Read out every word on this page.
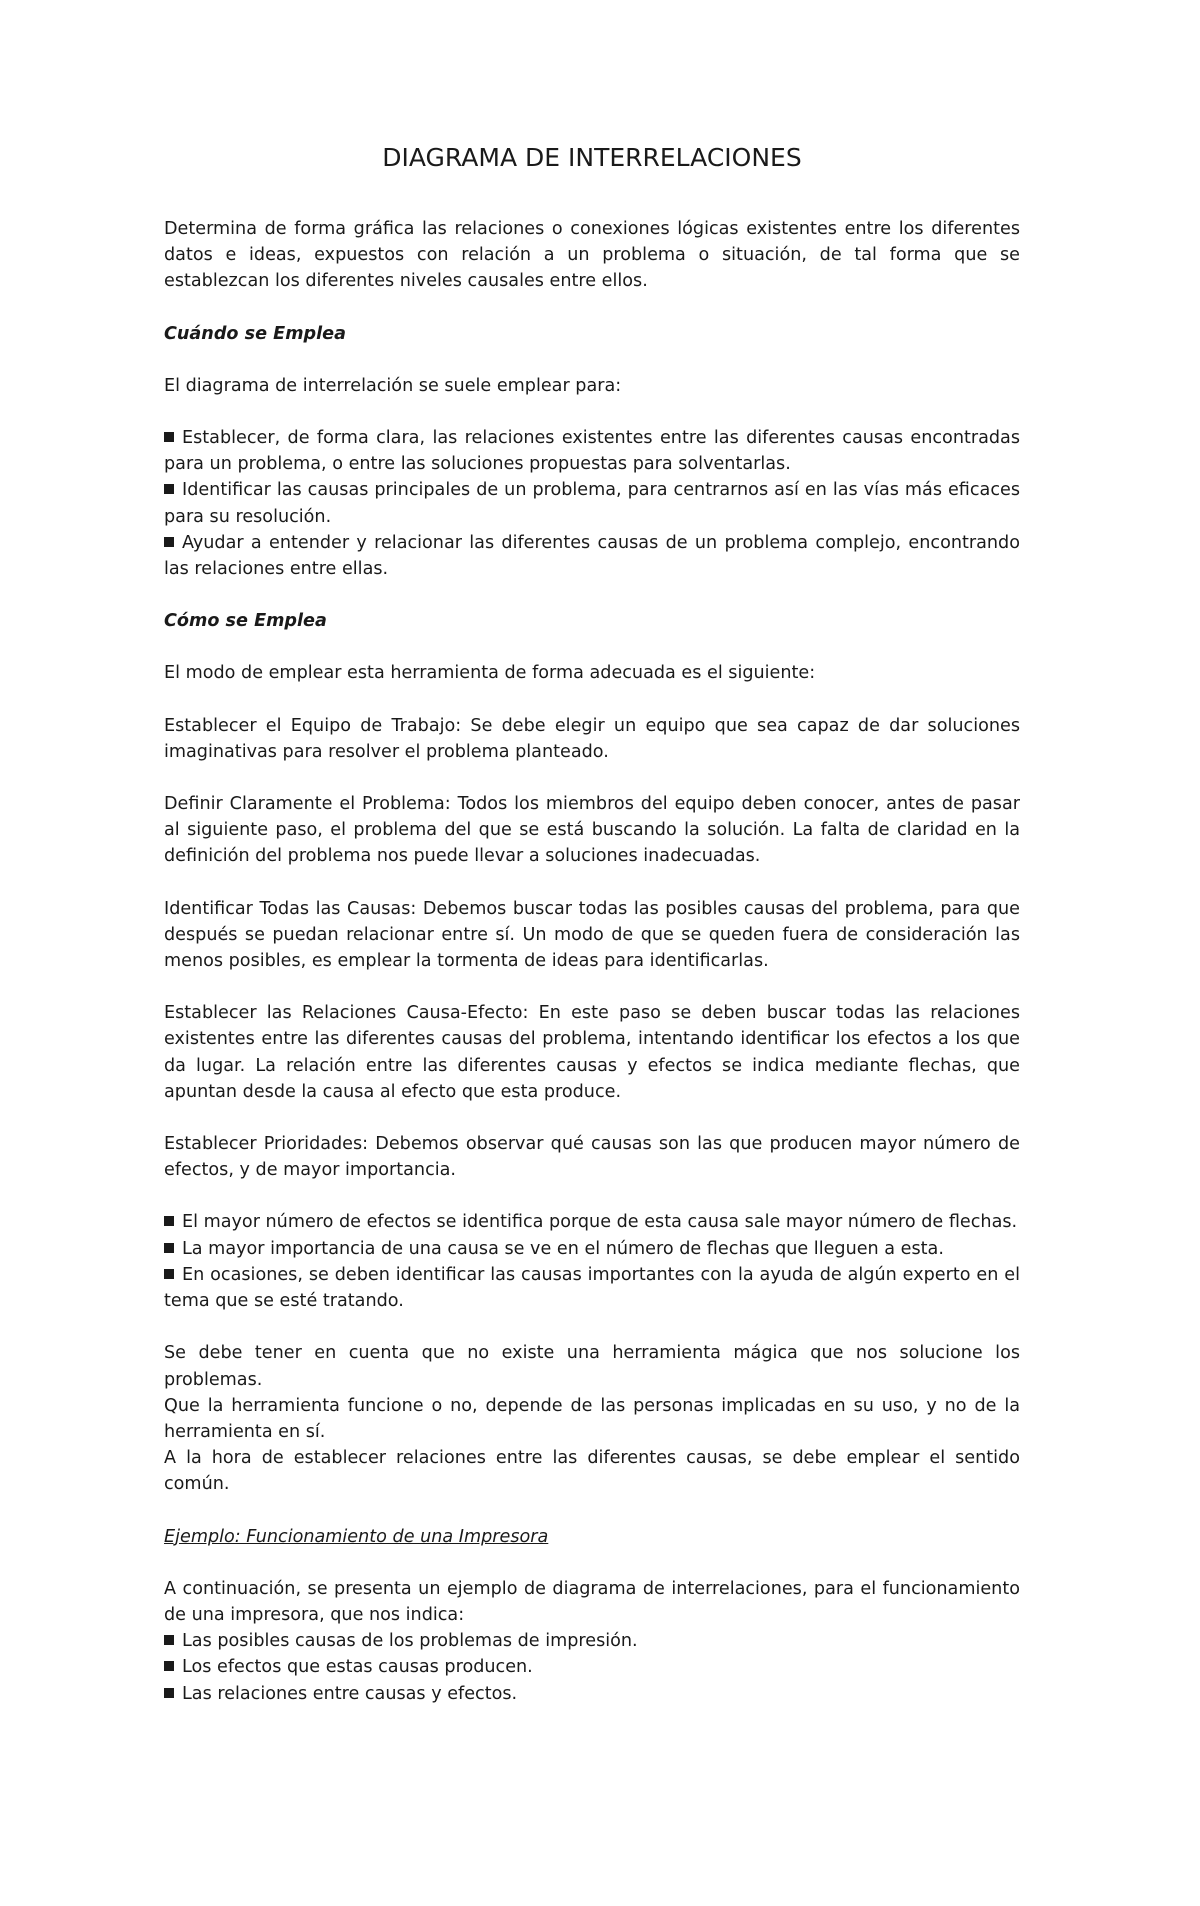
DIAGRAMA DE INTERRELACIONES

Determina de forma gráfica las relaciones o conexiones lógicas existentes entre los diferentes datos e ideas, expuestos con relación a un problema o situación, de tal forma que se establezcan los diferentes niveles causales entre ellos.

Cuándo se Emplea

El diagrama de interrelación se suele emplear para:

Establecer, de forma clara, las relaciones existentes entre las diferentes causas encontradas para un problema, o entre las soluciones propuestas para solventarlas.
Identificar las causas principales de un problema, para centrarnos así en las vías más eficaces para su resolución.
Ayudar a entender y relacionar las diferentes causas de un problema complejo, encontrando las relaciones entre ellas.
Cómo se Emplea

El modo de emplear esta herramienta de forma adecuada es el siguiente:

Establecer el Equipo de Trabajo: Se debe elegir un equipo que sea capaz de dar soluciones imaginativas para resolver el problema planteado.

Definir Claramente el Problema: Todos los miembros del equipo deben conocer, antes de pasar al siguiente paso, el problema del que se está buscando la solución. La falta de claridad en la definición del problema nos puede llevar a soluciones inadecuadas.

Identificar Todas las Causas: Debemos buscar todas las posibles causas del problema, para que después se puedan relacionar entre sí. Un modo de que se queden fuera de consideración las menos posibles, es emplear la tormenta de ideas para identificarlas.

Establecer las Relaciones Causa-Efecto: En este paso se deben buscar todas las relaciones existentes entre las diferentes causas del problema, intentando identificar los efectos a los que da lugar. La relación entre las diferentes causas y efectos se indica mediante flechas, que apuntan desde la causa al efecto que esta produce.

Establecer Prioridades: Debemos observar qué causas son las que producen mayor número de efectos, y de mayor importancia.

El mayor número de efectos se identifica porque de esta causa sale mayor número de flechas.
La mayor importancia de una causa se ve en el número de flechas que lleguen a esta.
En ocasiones, se deben identificar las causas importantes con la ayuda de algún experto en el tema que se esté tratando.
Se debe tener en cuenta que no existe una herramienta mágica que nos solucione los problemas.
Que la herramienta funcione o no, depende de las personas implicadas en su uso, y no de la herramienta en sí.
A la hora de establecer relaciones entre las diferentes causas, se debe emplear el sentido común.
Ejemplo: Funcionamiento de una Impresora
A continuación, se presenta un ejemplo de diagrama de interrelaciones, para el funcionamiento de una impresora, que nos indica:
Las posibles causas de los problemas de impresión.
Los efectos que estas causas producen.
Las relaciones entre causas y efectos.
